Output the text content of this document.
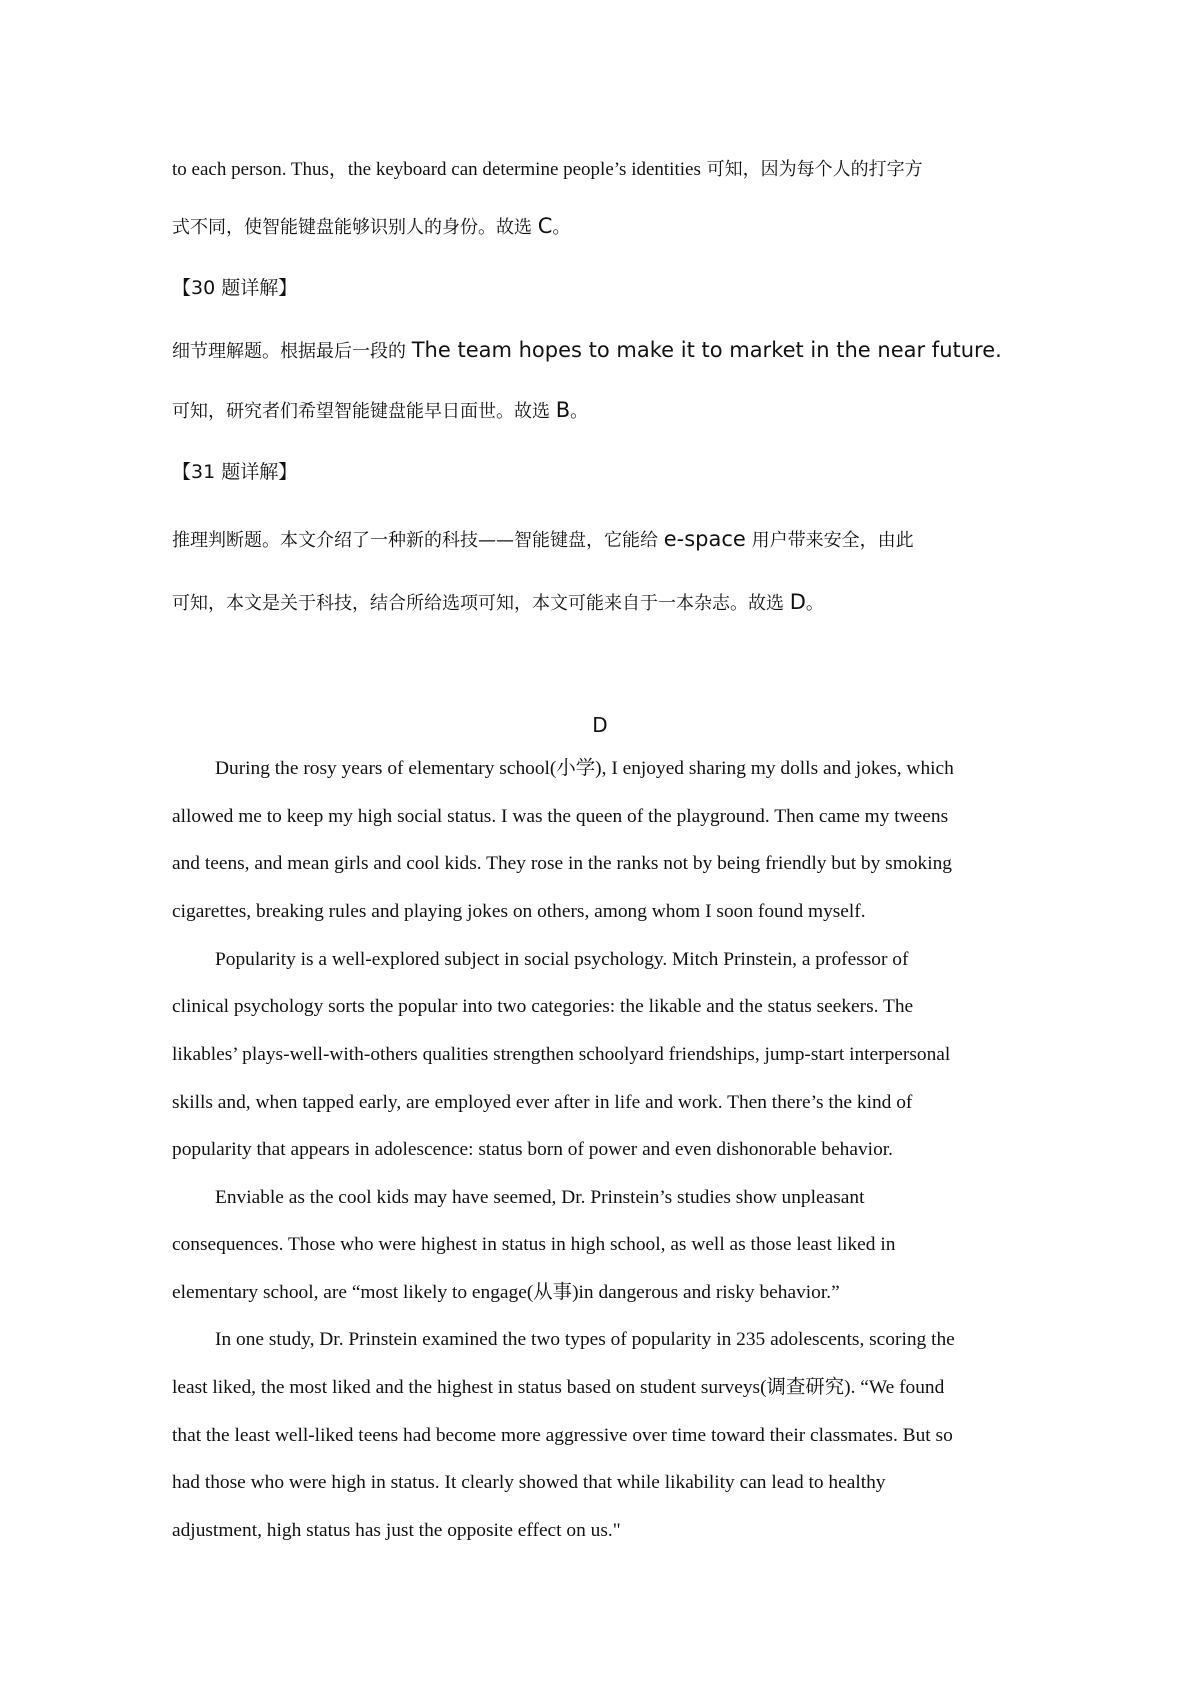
to each person. Thus，the keyboard can determine people’s identities 可知，因为每个人的打字方
式不同，使智能键盘能够识别人的身份。故选 C。
【30 题详解】
细节理解题。根据最后一段的 The team hopes to make it to market in the near future.
可知，研究者们希望智能键盘能早日面世。故选 B。
【31 题详解】
推理判断题。本文介绍了一种新的科技——智能键盘，它能给 e-space 用户带来安全，由此
可知，本文是关于科技，结合所给选项可知，本文可能来自于一本杂志。故选 D。
D
During the rosy years of elementary school(小学), I enjoyed sharing my dolls and jokes, which
allowed me to keep my high social status. I was the queen of the playground. Then came my tweens
and teens, and mean girls and cool kids. They rose in the ranks not by being friendly but by smoking
cigarettes, breaking rules and playing jokes on others, among whom I soon found myself.
Popularity is a well-explored subject in social psychology. Mitch Prinstein, a professor of
clinical psychology sorts the popular into two categories: the likable and the status seekers. The
likables’ plays-well-with-others qualities strengthen schoolyard friendships, jump-start interpersonal
skills and, when tapped early, are employed ever after in life and work. Then there’s the kind of
popularity that appears in adolescence: status born of power and even dishonorable behavior.
Enviable as the cool kids may have seemed, Dr. Prinstein’s studies show unpleasant
consequences. Those who were highest in status in high school, as well as those least liked in
elementary school, are “most likely to engage(从事)in dangerous and risky behavior.”
In one study, Dr. Prinstein examined the two types of popularity in 235 adolescents, scoring the
least liked, the most liked and the highest in status based on student surveys(调查研究). “We found
that the least well-liked teens had become more aggressive over time toward their classmates. But so
had those who were high in status. It clearly showed that while likability can lead to healthy
adjustment, high status has just the opposite effect on us."
